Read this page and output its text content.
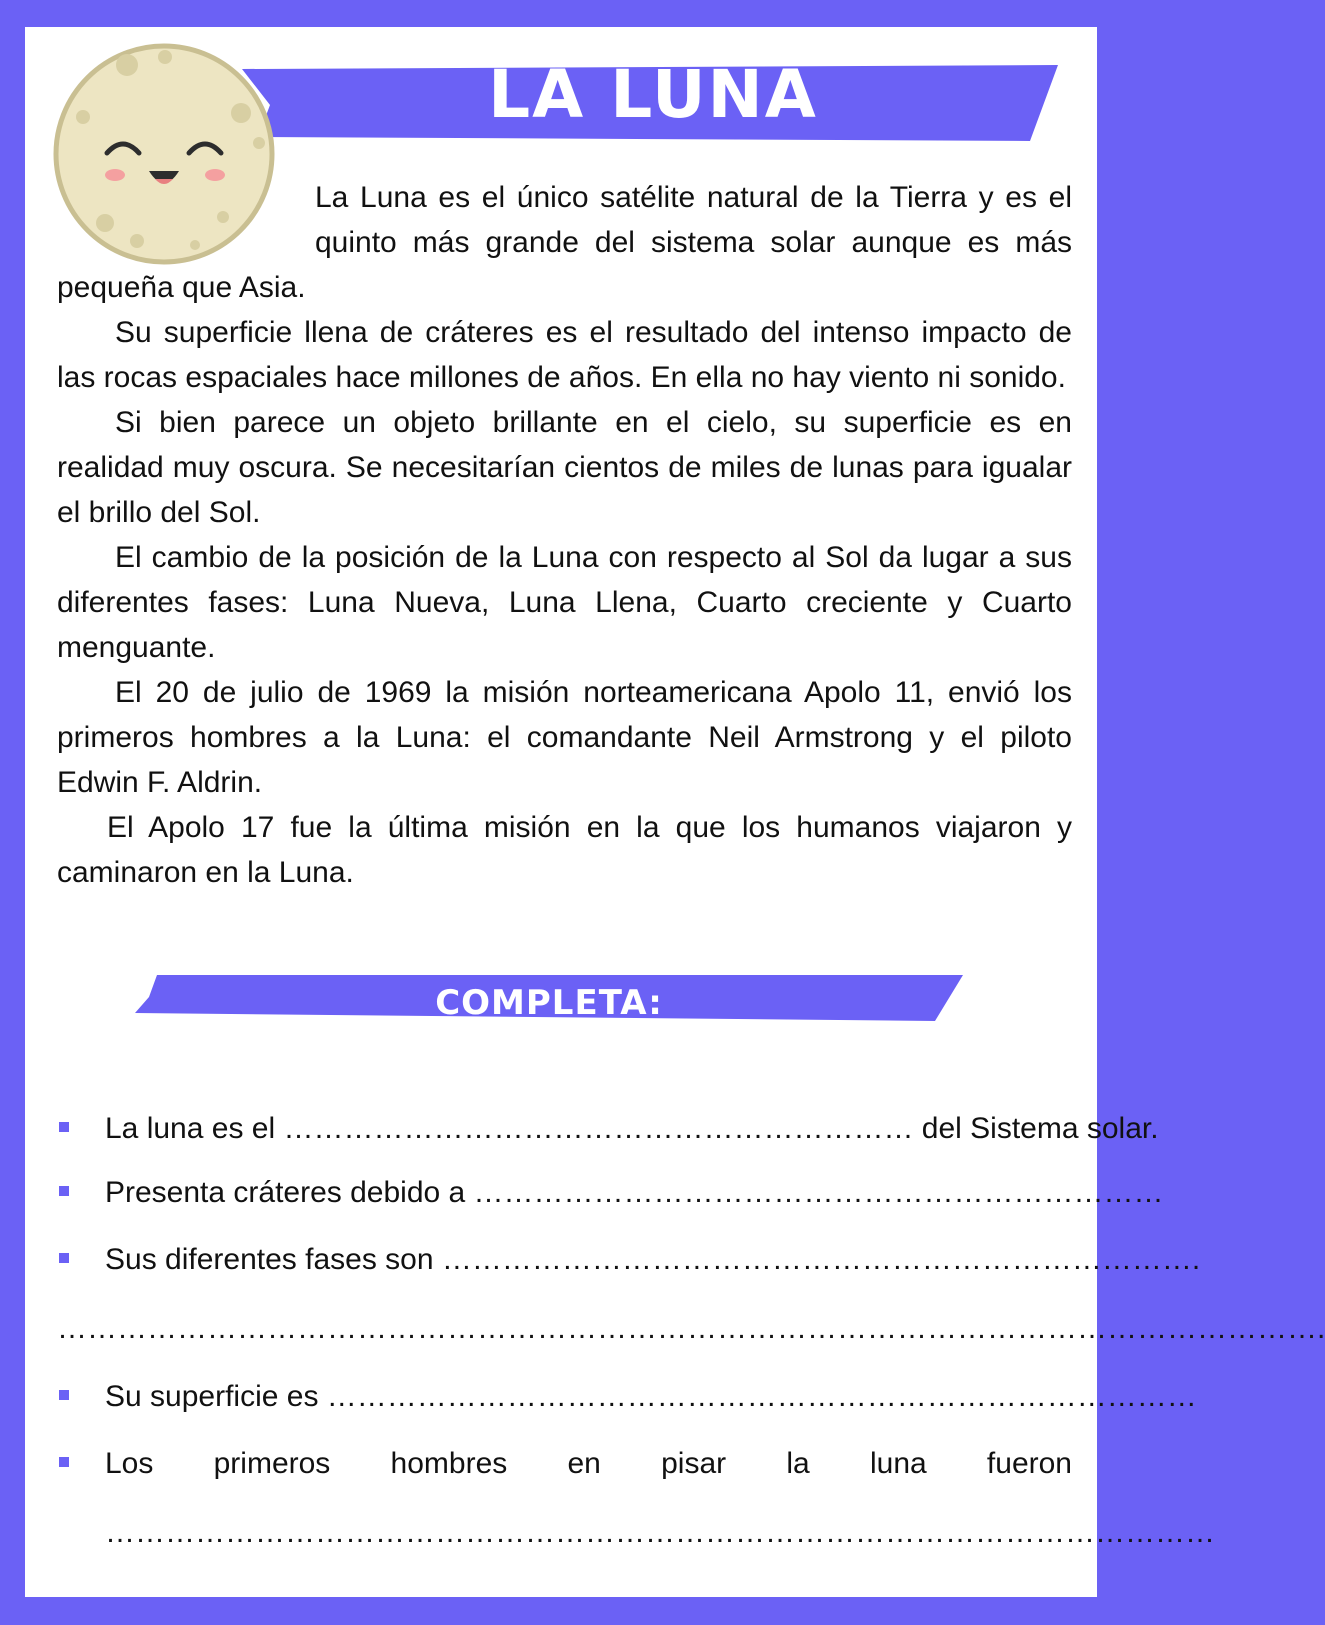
LA LUNA

La Luna es el único satélite natural de la Tierra y es el quinto más grande del sistema solar aunque es más pequeña que Asia.

Su superficie llena de cráteres es el resultado del intenso impacto de las rocas espaciales hace millones de años. En ella no hay viento ni sonido.

Si bien parece un objeto brillante en el cielo, su superficie es en realidad muy oscura. Se necesitarían cientos de miles de lunas para igualar el brillo del Sol.

El cambio de la posición de la Luna con respecto al Sol da lugar a sus diferentes fases: Luna Nueva, Luna Llena, Cuarto creciente y Cuarto menguante.

El 20 de julio de 1969 la misión norteamericana Apolo 11, envió los primeros hombres a la Luna: el comandante Neil Armstrong y el piloto Edwin F. Aldrin.

El Apolo 17 fue la última misión en la que los humanos viajaron y caminaron en la Luna.

COMPLETA:
La luna es el ……………………………………………………… del Sistema solar.
Presenta cráteres debido a ……………………………………………………………
Sus diferentes fases son ………………………………………………………………….
……………………………………………………………………………………………………………….
Su superficie es ……………………………………………………………………………
Los primeros hombres en pisar la luna fueron
…………………………………………………………………………………………………
